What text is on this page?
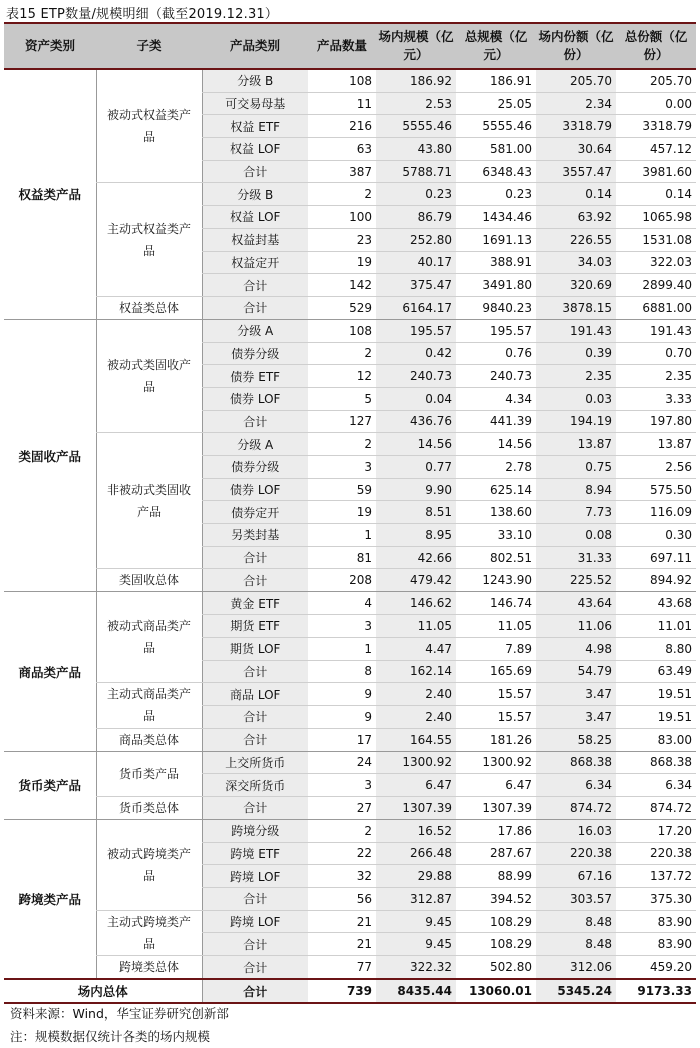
表15 ETP数量/规模明细（截至2019.12.31）
资产类别	子类	产品类别	产品数量	场内规模（亿元）	总规模（亿元）	场内份额（亿份）	总份额（亿份）
权益类产品	被动式权益类产品	分级 B	108	186.92	186.91	205.70	205.70
		可交易母基	11	2.53	25.05	2.34	0.00
		权益 ETF	216	5555.46	5555.46	3318.79	3318.79
		权益 LOF	63	43.80	581.00	30.64	457.12
		合计	387	5788.71	6348.43	3557.47	3981.60
	主动式权益类产品	分级 B	2	0.23	0.23	0.14	0.14
		权益 LOF	100	86.79	1434.46	63.92	1065.98
		权益封基	23	252.80	1691.13	226.55	1531.08
		权益定开	19	40.17	388.91	34.03	322.03
		合计	142	375.47	3491.80	320.69	2899.40
	权益类总体	合计	529	6164.17	9840.23	3878.15	6881.00
类固收产品	被动式类固收产品	分级 A	108	195.57	195.57	191.43	191.43
		债券分级	2	0.42	0.76	0.39	0.70
		债券 ETF	12	240.73	240.73	2.35	2.35
		债券 LOF	5	0.04	4.34	0.03	3.33
		合计	127	436.76	441.39	194.19	197.80
	非被动式类固收产品	分级 A	2	14.56	14.56	13.87	13.87
		债券分级	3	0.77	2.78	0.75	2.56
		债券 LOF	59	9.90	625.14	8.94	575.50
		债券定开	19	8.51	138.60	7.73	116.09
		另类封基	1	8.95	33.10	0.08	0.30
		合计	81	42.66	802.51	31.33	697.11
	类固收总体	合计	208	479.42	1243.90	225.52	894.92
商品类产品	被动式商品类产品	黄金 ETF	4	146.62	146.74	43.64	43.68
		期货 ETF	3	11.05	11.05	11.06	11.01
		期货 LOF	1	4.47	7.89	4.98	8.80
		合计	8	162.14	165.69	54.79	63.49
	主动式商品类产品	商品 LOF	9	2.40	15.57	3.47	19.51
		合计	9	2.40	15.57	3.47	19.51
	商品类总体	合计	17	164.55	181.26	58.25	83.00
货币类产品	货币类产品	上交所货币	24	1300.92	1300.92	868.38	868.38
		深交所货币	3	6.47	6.47	6.34	6.34
	货币类总体	合计	27	1307.39	1307.39	874.72	874.72
跨境类产品	被动式跨境类产品	跨境分级	2	16.52	17.86	16.03	17.20
		跨境 ETF	22	266.48	287.67	220.38	220.38
		跨境 LOF	32	29.88	88.99	67.16	137.72
		合计	56	312.87	394.52	303.57	375.30
	主动式跨境类产品	跨境 LOF	21	9.45	108.29	8.48	83.90
		合计	21	9.45	108.29	8.48	83.90
	跨境类总体	合计	77	322.32	502.80	312.06	459.20
场内总体		合计	739	8435.44	13060.01	5345.24	9173.33
资料来源：Wind，华宝证券研究创新部
注：规模数据仅统计各类的场内规模
